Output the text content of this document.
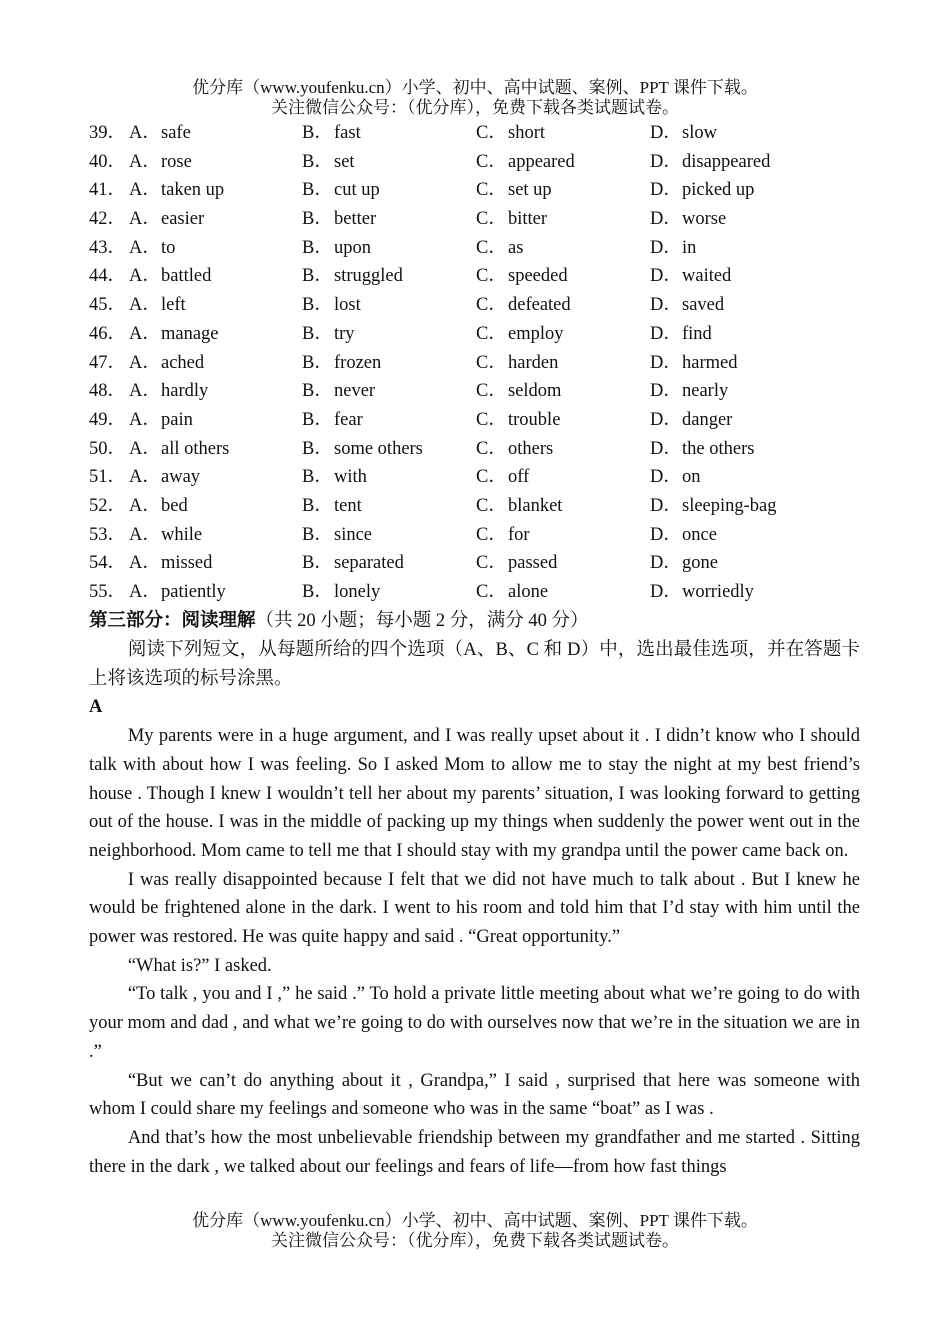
优分库（www.youfenku.cn）小学、初中、高中试题、案例、PPT 课件下载。
关注微信公众号：（优分库），免费下载各类试题试卷。
39． A．safe	B．fast	C．short	D．slow
40． A．rose	B．set	C．appeared	D．disappeared
41． A．taken up	B．cut up	C．set up	D．picked up
42． A．easier	B．better	C．bitter	D．worse
43． A．to	B．upon	C．as	D．in
44． A．battled	B．struggled	C．speeded	D．waited
45． A．left	B．lost	C．defeated	D．saved
46． A．manage	B．try	C．employ	D．find
47． A．ached	B．frozen	C．harden	D．harmed
48． A．hardly	B．never	C．seldom	D．nearly
49． A．pain	B．fear	C．trouble	D．danger
50． A．all others	B．some others	C．others	D．the others
51． A．away	B．with	C．off	D．on
52． A．bed	B．tent	C．blanket	D．sleeping-bag
53． A．while	B．since	C．for	D．once
54． A．missed	B．separated	C．passed	D．gone
55． A．patiently	B．lonely	C．alone	D．worriedly
第三部分：阅读理解（共 20 小题；每小题 2 分，满分 40 分）

阅读下列短文，从每题所给的四个选项（A、B、C 和 D）中，选出最佳选项，并在答题卡上将该选项的标号涂黑。

A

My parents were in a huge argument, and I was really upset about it . I didn’t know who I should talk with about how I was feeling. So I asked Mom to allow me to stay the night at my best friend’s house . Though I knew I wouldn’t tell her about my parents’ situation, I was looking forward to getting out of the house. I was in the middle of packing up my things when suddenly the power went out in the neighborhood. Mom came to tell me that I should stay with my grandpa until the power came back on.

I was really disappointed because I felt that we did not have much to talk about . But I knew he would be frightened alone in the dark. I went to his room and told him that I’d stay with him until the power was restored. He was quite happy and said . “Great opportunity.”

“What is?” I asked.

“To talk , you and I ,” he said .” To hold a private little meeting about what we’re going to do with your mom and dad , and what we’re going to do with ourselves now that we’re in the situation we are in .”

“But we can’t do anything about it , Grandpa,” I said , surprised that here was someone with whom I could share my feelings and someone who was in the same “boat” as I was .

And that’s how the most unbelievable friendship between my grandfather and me started . Sitting there in the dark , we talked about our feelings and fears of life—from how fast things

优分库（www.youfenku.cn）小学、初中、高中试题、案例、PPT 课件下载。
关注微信公众号：（优分库），免费下载各类试题试卷。
